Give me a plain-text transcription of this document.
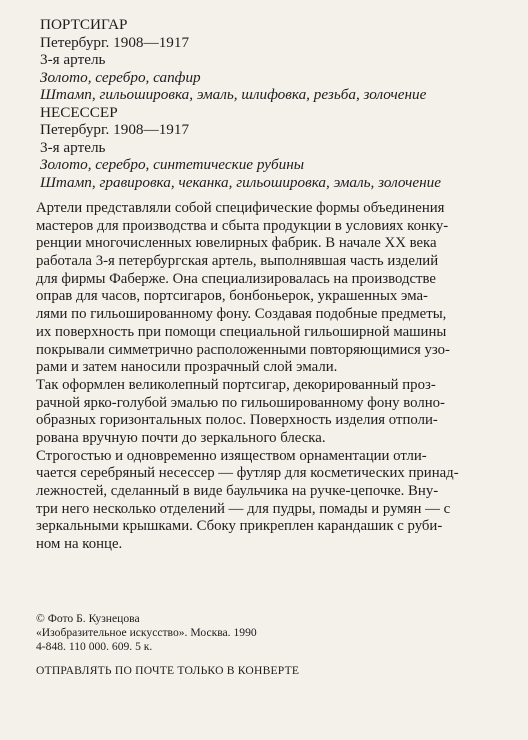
ПОРТСИГАР
Петербург. 1908—1917
3-я артель
Золото, серебро, сапфир
Штамп, гильошировка, эмаль, шлифовка, резьба, золочение
НЕСЕССЕР
Петербург. 1908—1917
3-я артель
Золото, серебро, синтетические рубины
Штамп, гравировка, чеканка, гильошировка, эмаль, золочение
Артели представляли собой специфические формы объединения
мастеров для производства и сбыта продукции в условиях конку-
ренции многочисленных ювелирных фабрик. В начале XX века
работала 3-я петербургская артель, выполнявшая часть изделий
для фирмы Фаберже. Она специализировалась на производстве
оправ для часов, портсигаров, бонбоньерок, украшенных эма-
лями по гильошированному фону. Создавая подобные предметы,
их поверхность при помощи специальной гильоширной машины
покрывали симметрично расположенными повторяющимися узо-
рами и затем наносили прозрачный слой эмали.
Так оформлен великолепный портсигар, декорированный проз-
рачной ярко-голубой эмалью по гильошированному фону волно-
образных горизонтальных полос. Поверхность изделия отполи-
рована вручную почти до зеркального блеска.
Строгостью и одновременно изяществом орнаментации отли-
чается серебряный несессер — футляр для косметических принад-
лежностей, сделанный в виде баульчика на ручке-цепочке. Вну-
три него несколько отделений — для пудры, помады и румян — с
зеркальными крышками. Сбоку прикреплен карандашик с руби-
ном на конце.
© Фото Б. Кузнецова
«Изобразительное искусство». Москва. 1990
4-848. 110 000. 609. 5 к.
ОТПРАВЛЯТЬ ПО ПОЧТЕ ТОЛЬКО В КОНВЕРТЕ
